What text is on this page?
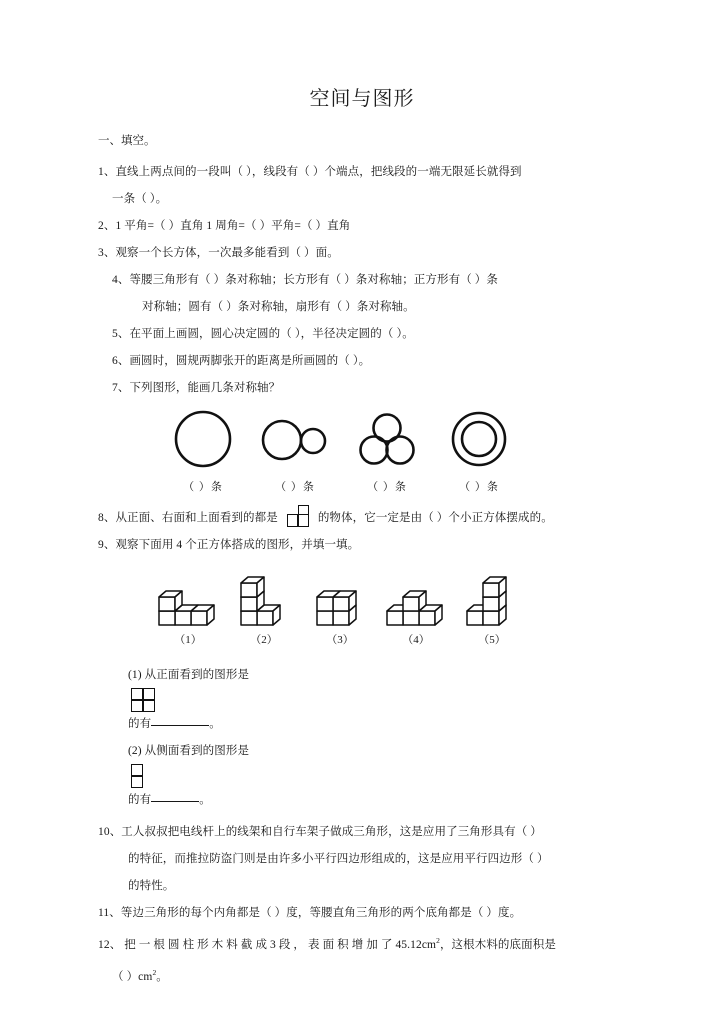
空间与图形
一、填空。
1、直线上两点间的一段叫（ ），线段有（ ）个端点，把线段的一端无限延长就得到
一条（ ）。
2、1 平角=（ ）直角 1 周角=（ ）平角=（ ）直角
3、观察一个长方体，一次最多能看到（ ）面。
4、等腰三角形有（ ）条对称轴；长方形有（ ）条对称轴；正方形有（ ）条
对称轴；圆有（ ）条对称轴，扇形有（ ）条对称轴。
5、在平面上画圆，圆心决定圆的（ ），半径决定圆的（ ）。
6、画圆时，圆规两脚张开的距离是所画圆的（ ）。
7、下列图形，能画几条对称轴？
（ ）条	（ ）条	（ ）条	（ ）条
8、从正面、右面和上面看到的都是	的物体，它一定是由（ ）个小正方体摆成的。
9、观察下面用 4 个正方体搭成的图形，并填一填。
（1）	（2）	（3）	（4）	（5）
(1) 从正面看到的图形是
的有	。
(2) 从侧面看到的图形是
的有	。
10、工人叔叔把电线杆上的线架和自行车架子做成三角形，这是应用了三角形具有（ ）
的特征，而推拉防盗门则是由许多小平行四边形组成的，这是应用平行四边形（ ）
的特性。
11、等边三角形的每个内角都是（ ）度，等腰直角三角形的两个底角都是（ ）度。
12、 把 一 根 圆 柱 形 木 料 截 成 3 段 ， 表 面 积 增 加 了 $45.12cm^2$，这根木料的底面积是
（ ）$cm^2$。
